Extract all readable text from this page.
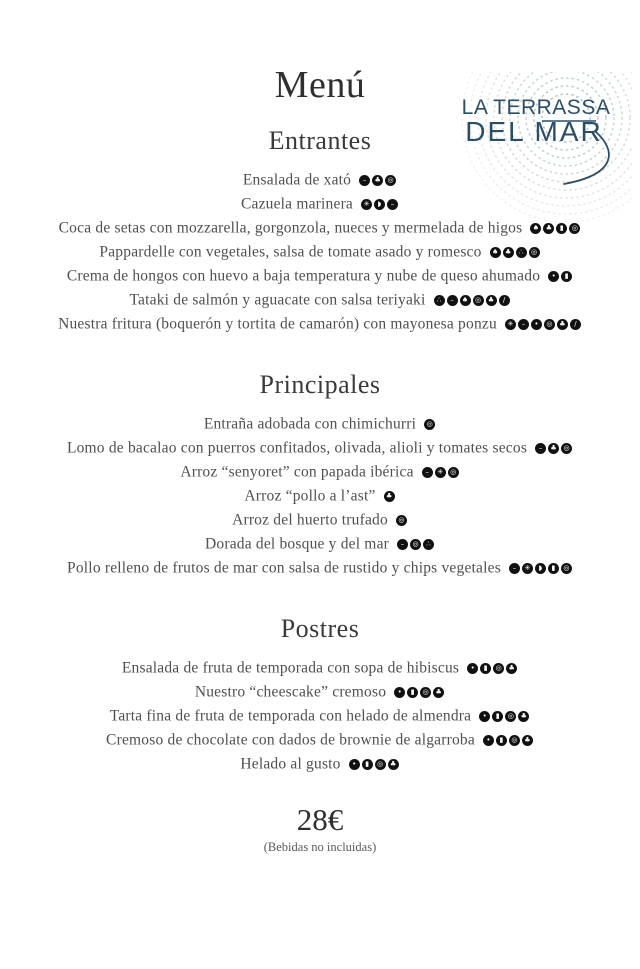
LA TERRASSA
DEL MAR
Menú
Entrantes
Ensalada de xató – ♣ ◎
Cazuela marinera ✳ ◗ –
Coca de setas con mozzarella, gorgonzola, nueces y mermelada de higos ♠ ♣ ▮ ◎
Pappardelle con vegetales, salsa de tomate asado y romesco ♠ ♣ ∴ ◎
Crema de hongos con huevo a baja temperatura y nube de queso ahumado • ▮
Tataki de salmón y aguacate con salsa teriyaki ∴ – ♠ ◎ ♣ /
Nuestra fritura (boquerón y tortita de camarón) con mayonesa ponzu ✳ – • ◎ ♣ /
Principales
Entraña adobada con chimichurri ◎
Lomo de bacalao con puerros confitados, olivada, alioli y tomates secos – ♣ ◎
Arroz “senyoret” con papada ibérica – ✳ ◎
Arroz “pollo a l’ast” ♣
Arroz del huerto trufado ◎
Dorada del bosque y del mar – ◎ ∴
Pollo relleno de frutos de mar con salsa de rustido y chips vegetales – ✳ ◗ ▮ ◎
Postres
Ensalada de fruta de temporada con sopa de hibiscus • ▮ ◎ ♣
Nuestro “cheescake” cremoso • ▮ ◎ ♣
Tarta fina de fruta de temporada con helado de almendra • ▮ ◎ ♣
Cremoso de chocolate con dados de brownie de algarroba • ▮ ◎ ♣
Helado al gusto • ▮ ◎ ♣
28€
(Bebidas no incluidas)
